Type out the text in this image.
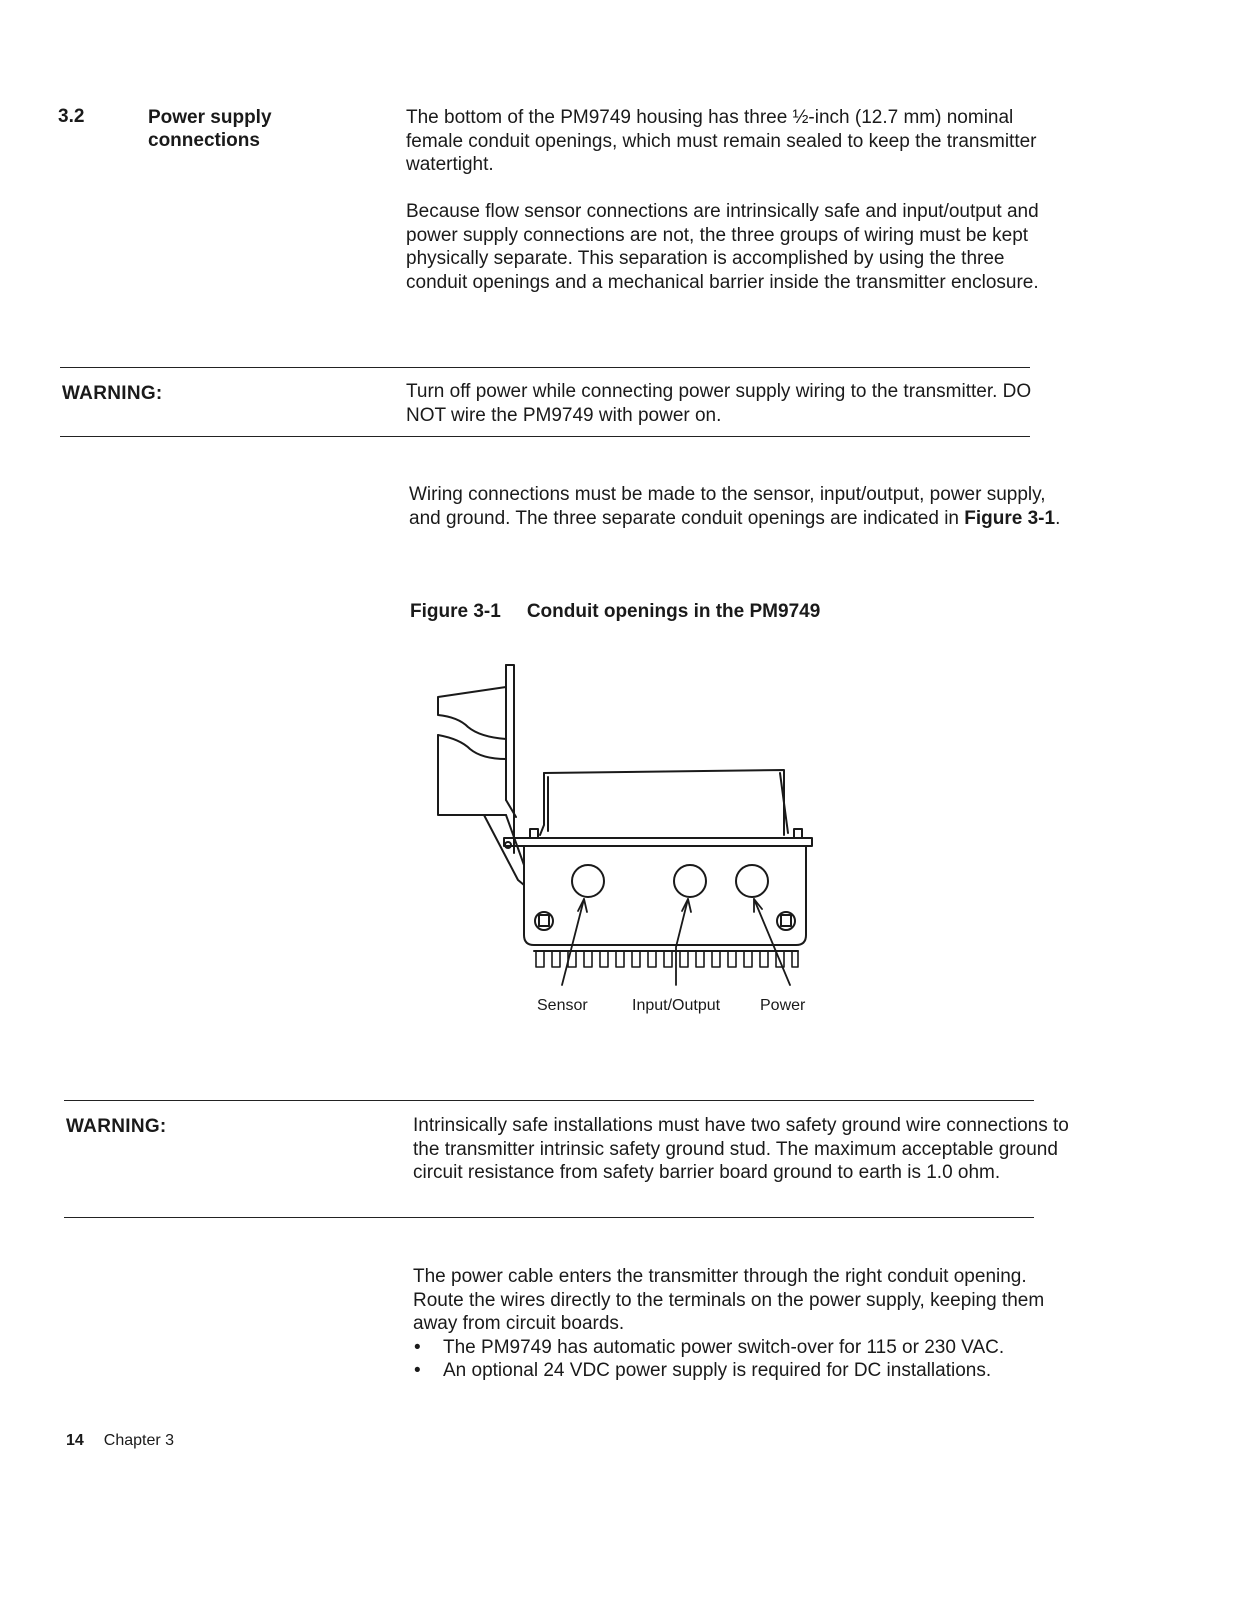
3.2	Power supply
connections
The bottom of the PM9749 housing has three ½-inch (12.7 mm) nominal female conduit openings, which must remain sealed to keep the transmitter watertight.
Because flow sensor connections are intrinsically safe and input/output and power supply connections are not, the three groups of wiring must be kept physically separate. This separation is accomplished by using the three conduit openings and a mechanical barrier inside the transmitter enclosure.
WARNING:	Turn off power while connecting power supply wiring to the transmitter. DO NOT wire the PM9749 with power on.
Wiring connections must be made to the sensor, input/output, power supply, and ground. The three separate conduit openings are indicated in Figure 3-1.
Figure 3-1 Conduit openings in the PM9749
Sensor	Input/Output Power
WARNING:	Intrinsically safe installations must have two safety ground wire connections to the transmitter intrinsic safety ground stud. The maximum acceptable ground circuit resistance from safety barrier board ground to earth is 1.0 ohm.
The power cable enters the transmitter through the right conduit opening. Route the wires directly to the terminals on the power supply, keeping them away from circuit boards.
• The PM9749 has automatic power switch-over for 115 or 230 VAC.
• An optional 24 VDC power supply is required for DC installations.
14 Chapter 3
